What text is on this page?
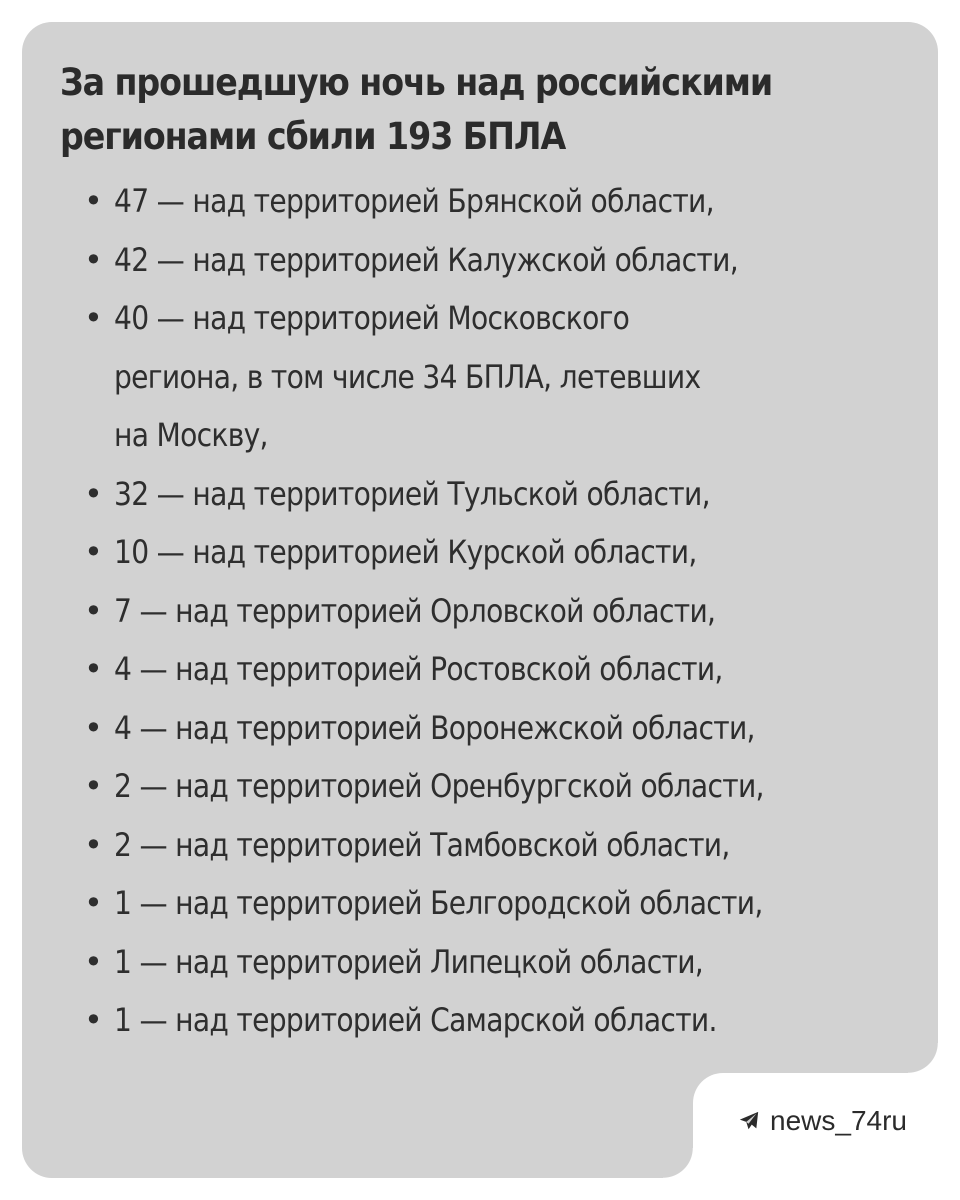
За прошедшую ночь над российскими
регионами сбили 193 БПЛА
• 47 — над территорией Брянской области,
• 42 — над территорией Калужской области,
• 40 — над территорией Московского региона, в том числе 34 БПЛА, летевших на Москву,
• 32 — над территорией Тульской области,
• 10 — над территорией Курской области,
• 7 — над территорией Орловской области,
• 4 — над территорией Ростовской области,
• 4 — над территорией Воронежской области,
• 2 — над территорией Оренбургской области,
• 2 — над территорией Тамбовской области,
• 1 — над территорией Белгородской области,
• 1 — над территорией Липецкой области,
• 1 — над территорией Самарской области.
news_74ru
